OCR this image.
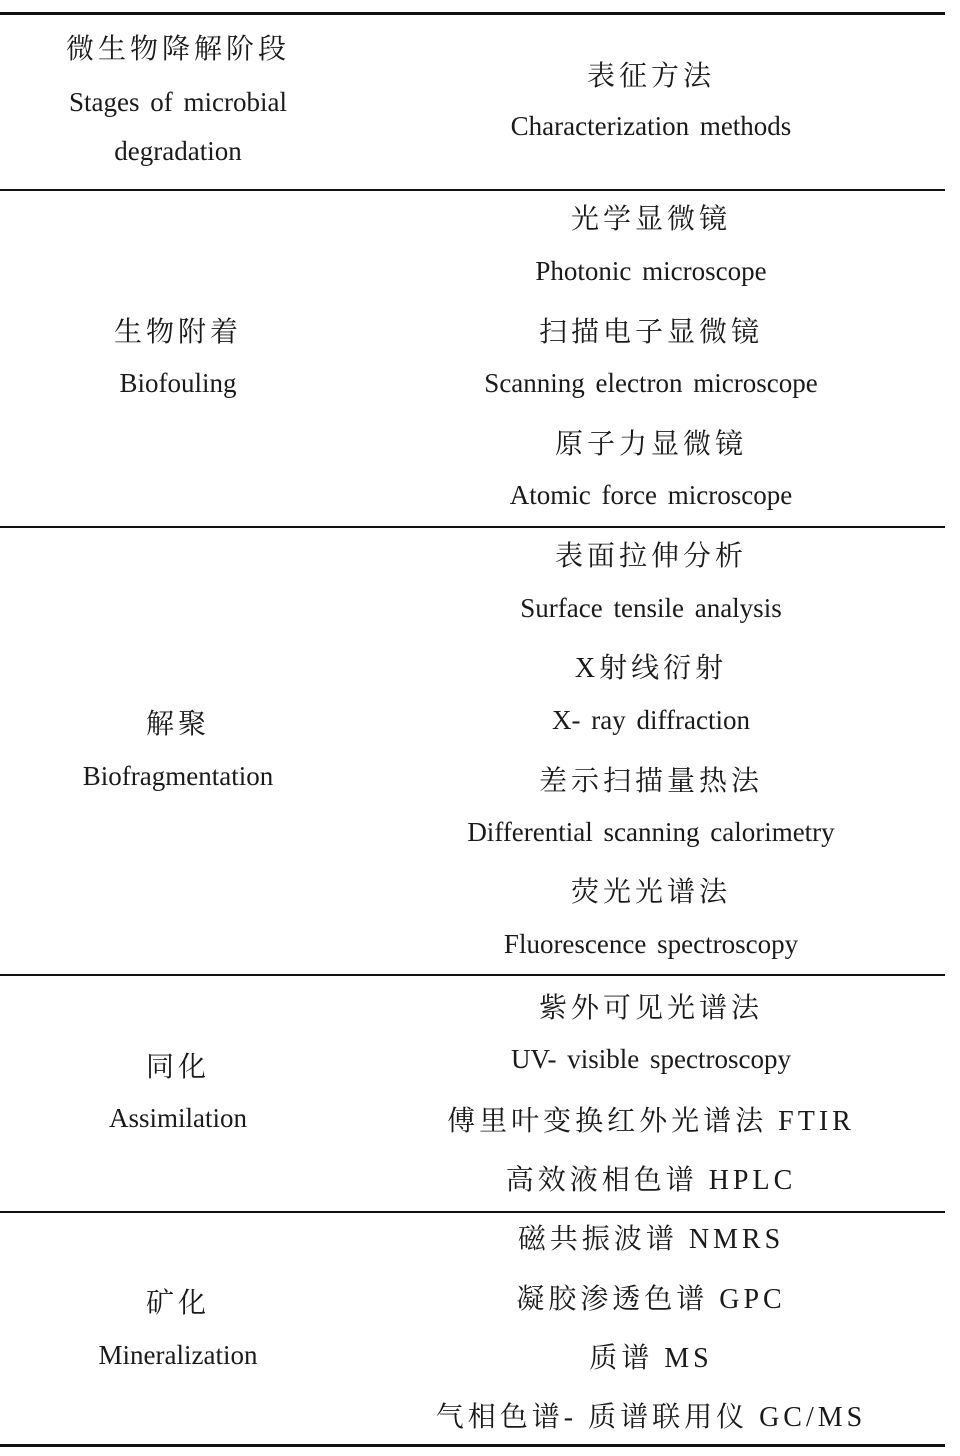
微生物降解阶段
Stages of microbial
degradation
表征方法
Characterization methods
生物附着
Biofouling
光学显微镜
Photonic microscope
扫描电子显微镜
Scanning electron microscope
原子力显微镜
Atomic force microscope
解聚
Biofragmentation
表面拉伸分析
Surface tensile analysis
X射线衍射
X- ray diffraction
差示扫描量热法
Differential scanning calorimetry
荧光光谱法
Fluorescence spectroscopy
同化
Assimilation
紫外可见光谱法
UV- visible spectroscopy
傅里叶变换红外光谱法 FTIR
高效液相色谱 HPLC
矿化
Mineralization
磁共振波谱 NMRS
凝胶渗透色谱 GPC
质谱 MS
气相色谱- 质谱联用仪 GC/MS
